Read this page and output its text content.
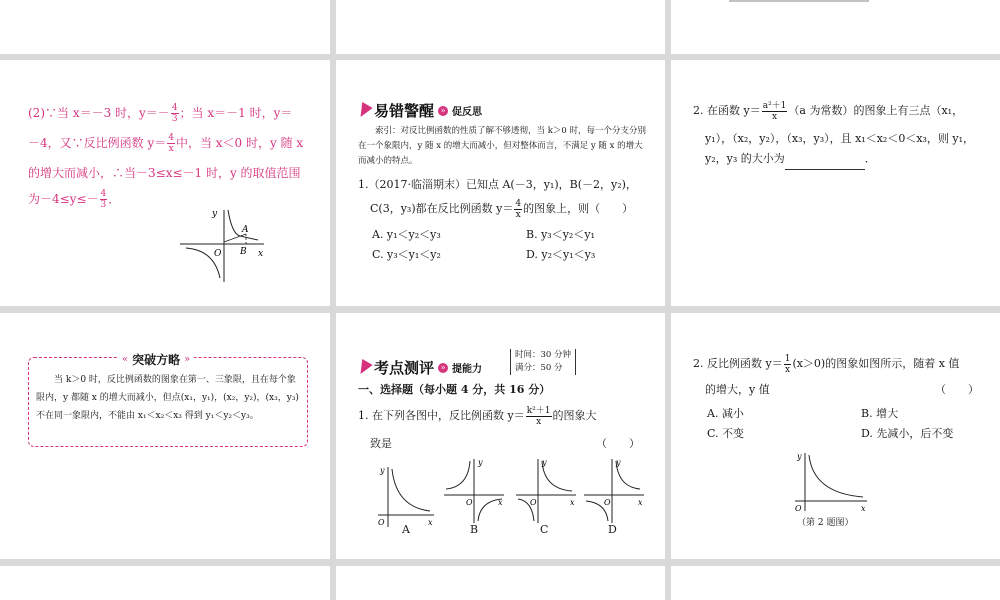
(2)∵当 x＝－3 时，$y=- \frac{4}{3}$ ；当 x＝－1 时，y＝
－4，又∵反比例函数 $y= \frac{4}{x}$ 中，当 x＜0 时，y 随 x
的增大而减小，∴当－3≤x≤－1 时，y 的取值范围
为$-4\le y\le- \frac{4}{3}$ ．
y
x
O
A
B
易错警醒 » 促反思
索引：对反比例函数的性质了解不够透彻，当 k＞0 时，每一个分支分别在一个象限内，y 随 x 的增大而减小，但对整体而言，不满足 y 随 x 的增大而减小的特点。
1.（2017·临淄期末）已知点 A(－3，y₁)，B(－2，y₂)，
C(3，y₃)都在反比例函数 $y= \frac{4}{x}$ 的图象上，则（　　）
A. y₁＜y₂＜y₃	B. y₃＜y₂＜y₁
C. y₃＜y₁＜y₂	D. y₂＜y₁＜y₃
2. 在函数 $y= \frac{\text{a²＋1}}{x} (a$ 为常数）的图象上有三点（x₁，
y₁），（x₂，y₂），（x₃，y₃），且 x₁＜x₂＜0＜x₃，则 y₁，
y₂，y₃ 的大小为	．
« 突破方略 »
当 k＞0 时，反比例函数的图象在第一、三象限，且在每个象限内，y 都随 x 的增大而减小，但点(x₁，y₁)，(x₂，y₂)，(x₃，y₃)不在同一象限内，不能由 x₁＜x₂＜x₃ 得到 y₁＜y₂＜y₃。
考点测评 » 提能力
时间：30 分钟
满分：50 分
一、选择题（每小题 4 分，共 16 分）
1. 在下列各图中，反比例函数 $y= \frac{\text{k²＋1}}{x}$ 的图象大
致是	（　　）
y
x
O
y
x
O
y
x
O
y
x
O
A	B	C	D
2. 反比例函数 $y= \frac{1}{x} (x>0)$的图象如图所示，随着 x 值
的增大，y 值	（　　）
A. 减小	B. 增大
C. 不变	D. 先减小，后不变
y
x
O
（第 2 题图）
